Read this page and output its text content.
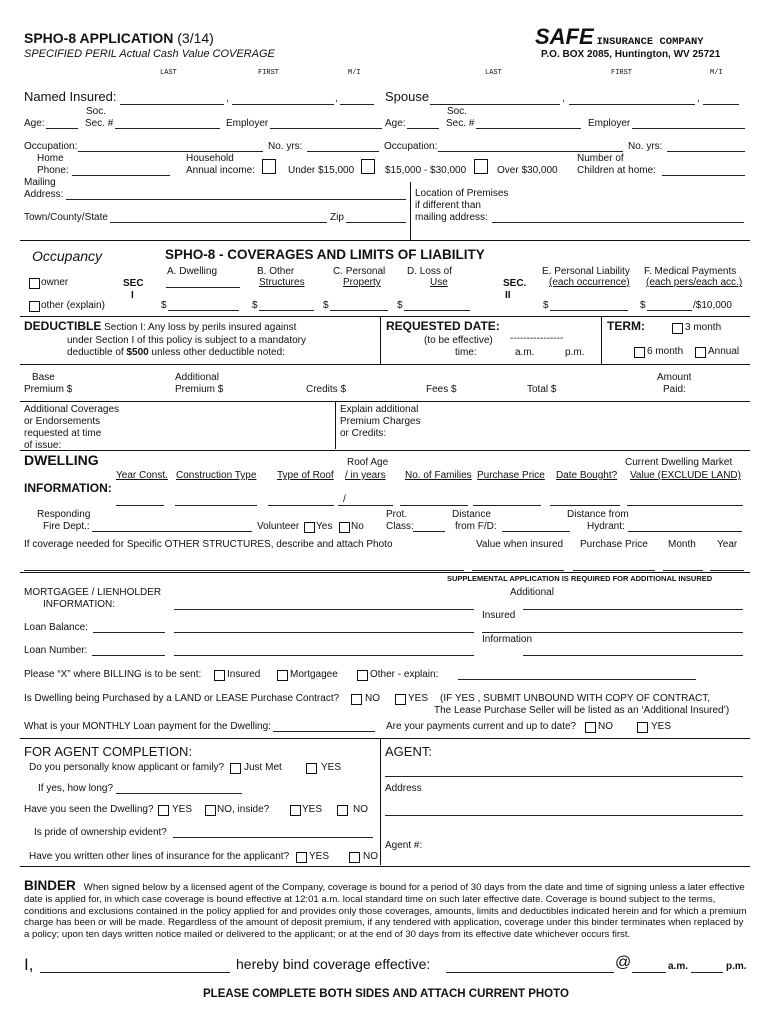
SPHO-8 APPLICATION (3/14)
SPECIFIED PERIL Actual Cash Value COVERAGE
SAFE INSURANCE COMPANY
P.O. BOX 2085, Huntington, WV 25721
LAST	FIRST	M/I	LAST	FIRST	M/I
Named Insured:	,	,	Spouse	,	,
Soc.
Age:	Sec. #	Employer
Soc.
Age:	Sec. #	Employer
Occupation:	No. yrs:	Occupation:	No. yrs:
Home
Phone:
Household
Annual income:	Under $15,000	$15,000 - $30,000	Over $30,000
Number of
Children at home:
Mailing
Address:
Town/County/State	Zip
Location of Premises
if different than
mailing address:
Occupancy
owner
other (explain)
SPHO-8 - COVERAGES AND LIMITS OF LIABILITY
SEC
I
A. Dwelling	B. Other
Structures
C. Personal
Property
D. Loss of
Use	SEC.
II
E. Personal Liability
(each occurrence)
F. Medical Payments
(each pers/each acc.)
$	$	$	$	$	$	/$10,000
DEDUCTIBLE Section I: Any loss by perils insured against
under Section I of this policy is subject to a mandatory
deductible of $500 unless other deductible noted:
REQUESTED DATE:
(to be effective) ----------------
time:	a.m.	p.m.
TERM:	3 month
6 month Annual
Base
Premium $
Additional
Premium $	Credits $	Fees $	Total $
Amount
Paid:
Additional Coverages
or Endorsements
requested at time
of issue:
Explain additional
Premium Charges
or Credits:
DWELLING
INFORMATION:
Roof Age
/ in years
Current Dwelling Market
Value (EXCLUDE LAND)
Year Const. Construction Type Type of Roof	No. of Families Purchase Price Date Bought?
/
Responding
Fire Dept.:	Volunteer Yes No
Prot.
Class:
Distance
from F/D:
Distance from
Hydrant:
If coverage needed for Specific OTHER STRUCTURES, describe and attach Photo	Value when insured Purchase Price Month Year
SUPPLEMENTAL APPLICATION IS REQUIRED FOR ADDITIONAL INSURED
MORTGAGEE / LIENHOLDER
INFORMATION:
Additional
Insured
Loan Balance:
Information
Loan Number:
Please “X” where BILLING is to be sent:	Insured	Mortgagee	Other - explain:
Is Dwelling being Purchased by a LAND or LEASE Purchase Contract?	NO	YES (IF YES , SUBMIT UNBOUND WITH COPY OF CONTRACT,
The Lease Purchase Seller will be listed as an ‘Additional Insured’)
What is your MONTHLY Loan payment for the Dwelling:	Are your payments current and up to date? NO	YES
FOR AGENT COMPLETION:
Do you personally know applicant or family? Just Met	YES
If yes, how long?
Have you seen the Dwelling? YES NO, inside?	YES	NO
Is pride of ownership evident?
Have you written other lines of insurance for the applicant? YES	NO
AGENT:
Address
Agent #:
BINDER When signed below by a licensed agent of the Company, coverage is bound for a period of 30 days from the date and time of signing unless a later effective date is applied for, in which case coverage is bound effective at 12:01 a.m. local standard time on such later effective date. Coverage is bound subject to the terms, conditions and exclusions contained in the policy applied for and provides only those coverages, amounts, limits and deductibles indicated herein and for which a premium charge has been or will be made. Regardless of the amount of deposit premium, if any tendered with application, coverage under this binder terminates when replaced by a policy; upon ten days written notice mailed or delivered to the applicant; or at the end of 30 days from its effective date whichever occurs first.
I,	hereby bind coverage effective:	@	a.m.	p.m.
PLEASE COMPLETE BOTH SIDES AND ATTACH CURRENT PHOTO
